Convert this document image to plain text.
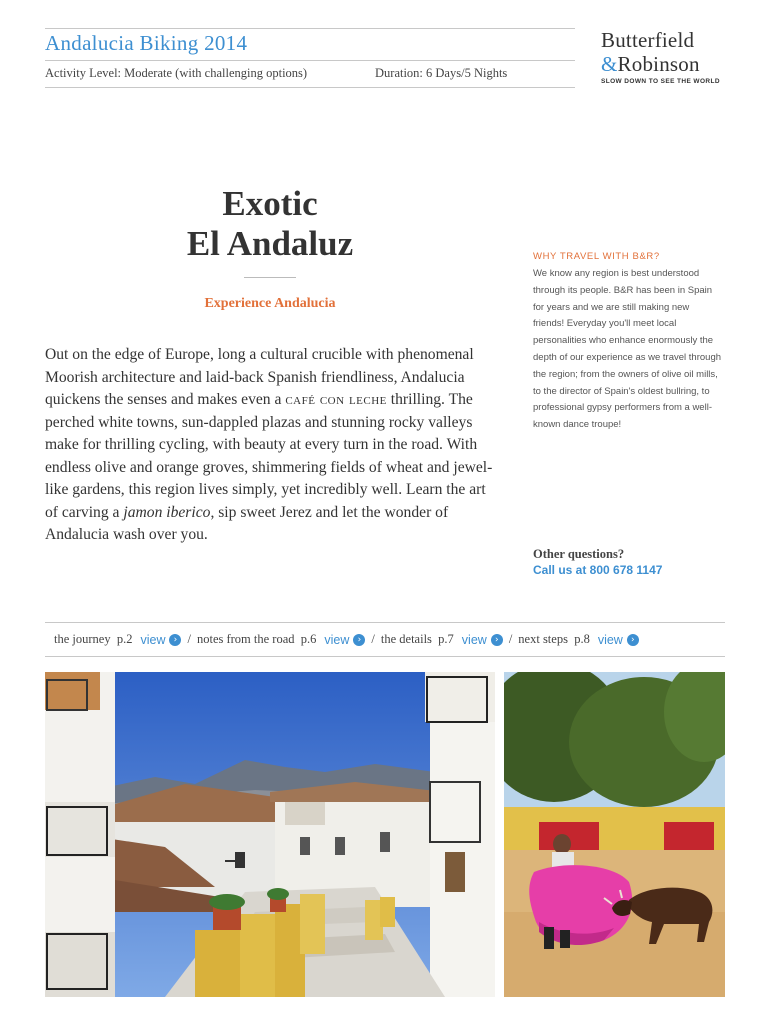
Andalucia Biking 2014
Activity Level: Moderate (with challenging options)	Duration: 6 Days/5 Nights
Butterfield
&Robinson
SLOW DOWN TO SEE THE WORLD
Exotic
El Andaluz
Experience Andalucia
Out on the edge of Europe, long a cultural crucible with phenomenal Moorish architecture and laid-back Spanish friendliness, Andalucia quickens the senses and makes even a café con leche thrilling. The perched white towns, sun-dappled plazas and stunning rocky valleys make for thrilling cycling, with beauty at every turn in the road. With endless olive and orange groves, shimmering fields of wheat and jewel-like gardens, this region lives simply, yet incredibly well. Learn the art of carving a jamon iberico, sip sweet Jerez and let the wonder of Andalucia wash over you.
WHY TRAVEL WITH B&R?
We know any region is best understood through its people. B&R has been in Spain for years and we are still making new friends! Everyday you'll meet local personalities who enhance enormously the depth of our experience as we travel through the region; from the owners of olive oil mills, to the director of Spain's oldest bullring, to professional gypsy performers from a well-known dance troupe!
Other questions?
Call us at 800 678 1147
the journey
p.2 view › / notes from the road
p.6 view › / the details
p.7 view › / next steps
p.8 view ›
